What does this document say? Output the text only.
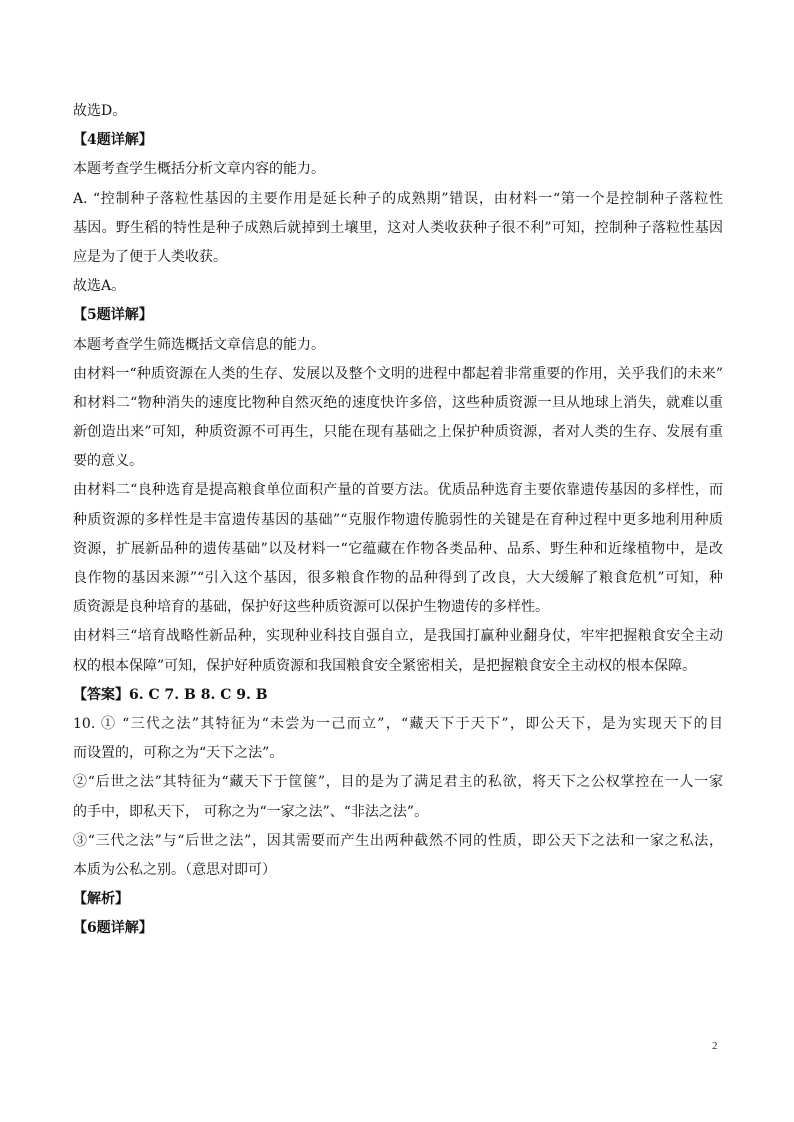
故选D。
【4题详解】
本题考查学生概括分析文章内容的能力。
A. “控制种子落粒性基因的主要作用是延长种子的成熟期”错误，由材料一“第一个是控制种子落粒性
基因。野生稻的特性是种子成熟后就掉到土壤里，这对人类收获种子很不利”可知，控制种子落粒性基因
应是为了便于人类收获。
故选A。
【5题详解】
本题考查学生筛选概括文章信息的能力。
由材料一“种质资源在人类的生存、发展以及整个文明的进程中都起着非常重要的作用，关乎我们的未来”
和材料二“物种消失的速度比物种自然灭绝的速度快许多倍，这些种质资源一旦从地球上消失，就难以重
新创造出来”可知，种质资源不可再生，只能在现有基础之上保护种质资源，者对人类的生存、发展有重
要的意义。
由材料二“良种选育是提高粮食单位面积产量的首要方法。优质品种选育主要依靠遗传基因的多样性，而
种质资源的多样性是丰富遗传基因的基础”“克服作物遗传脆弱性的关键是在育种过程中更多地利用种质
资源，扩展新品种的遗传基础”以及材料一“它蕴藏在作物各类品种、品系、野生种和近缘植物中，是改
良作物的基因来源”“引入这个基因，很多粮食作物的品种得到了改良，大大缓解了粮食危机”可知，种
质资源是良种培育的基础，保护好这些种质资源可以保护生物遗传的多样性。
由材料三“培育战略性新品种，实现种业科技自强自立，是我国打赢种业翻身仗，牢牢把握粮食安全主动
权的根本保障”可知，保护好种质资源和我国粮食安全紧密相关，是把握粮食安全主动权的根本保障。
【答案】6. C 7. B 8. C 9. B
10. ① “三代之法”其特征为“未尝为一己而立”，“藏天下于天下”，即公天下，是为实现天下的目
而设置的，可称之为“天下之法”。
②“后世之法”其特征为“藏天下于筐箧”，目的是为了满足君主的私欲，将天下之公权掌控在一人一家
的手中，即私天下， 可称之为“一家之法”、“非法之法”。
③“三代之法”与“后世之法”，因其需要而产生出两种截然不同的性质，即公天下之法和一家之私法，
本质为公私之别。（意思对即可）
【解析】
【6题详解】
2
